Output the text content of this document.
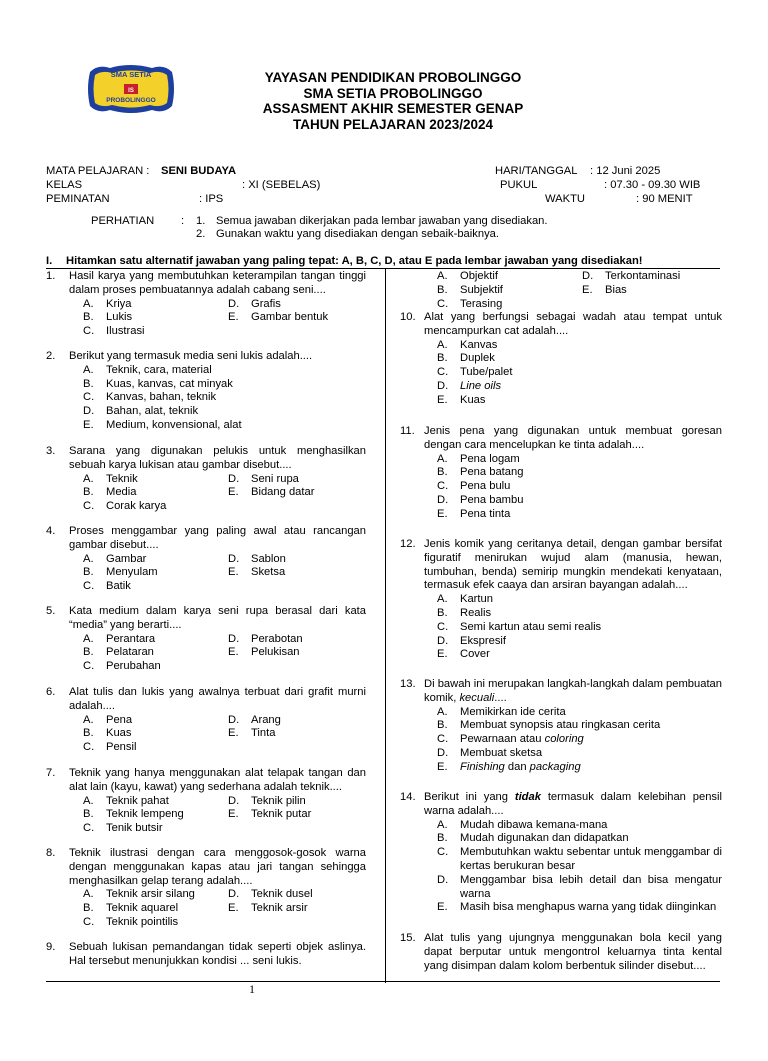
IS
SMA SETIA
PROBOLINGGO
YAYASAN PENDIDIKAN PROBOLINGGO
SMA SETIA PROBOLINGGO
ASSASMENT AKHIR SEMESTER GENAP
TAHUN PELAJARAN 2023/2024
MATA PELAJARAN : SENI BUDAYA
KELAS	: XI (SEBELAS)
PEMINATAN	: IPS
HARI/TANGGAL : 12 Juni 2025
PUKUL	: 07.30 - 09.30 WIB
WAKTU	: 90 MENIT
PERHATIAN : 1. Semua jawaban dikerjakan pada lembar jawaban yang disediakan.
2. Gunakan waktu yang disediakan dengan sebaik-baiknya.
I. Hitamkan satu alternatif jawaban yang paling tepat: A, B, C, D, atau E pada lembar jawaban yang disediakan!
1
1. Hasil karya yang membutuhkan keterampilan tangan tinggi dalam proses pembuatannya adalah cabang seni....
A. Kriya	D. Grafis
B. Lukis	E. Gambar bentuk
C. Ilustrasi
2. Berikut yang termasuk media seni lukis adalah....
A. Teknik, cara, material
B. Kuas, kanvas, cat minyak
C. Kanvas, bahan, teknik
D. Bahan, alat, teknik
E. Medium, konvensional, alat
3. Sarana yang digunakan pelukis untuk menghasilkan sebuah karya lukisan atau gambar disebut....
A. Teknik	D. Seni rupa
B. Media	E. Bidang datar
C. Corak karya
4. Proses menggambar yang paling awal atau rancangan gambar disebut....
A. Gambar	D. Sablon
B. Menyulam	E. Sketsa
C. Batik
5. Kata medium dalam karya seni rupa berasal dari kata “media” yang berarti....
A. Perantara	D. Perabotan
B. Pelataran	E. Pelukisan
C. Perubahan
6. Alat tulis dan lukis yang awalnya terbuat dari grafit murni adalah....
A. Pena	D. Arang
B. Kuas	E. Tinta
C. Pensil
7. Teknik yang hanya menggunakan alat telapak tangan dan alat lain (kayu, kawat) yang sederhana adalah teknik....
A. Teknik pahat	D. Teknik pilin
B. Teknik lempeng	E. Teknik putar
C. Tenik butsir
8. Teknik ilustrasi dengan cara menggosok-gosok warna dengan menggunakan kapas atau jari tangan sehingga menghasilkan gelap terang adalah....
A. Teknik arsir silang	D. Teknik dusel
B. Teknik aquarel	E. Teknik arsir
C. Teknik pointilis
9. Sebuah lukisan pemandangan tidak seperti objek aslinya. Hal tersebut menunjukkan kondisi ... seni lukis.
A. Objektif	D. Terkontaminasi
B. Subjektif	E. Bias
C. Terasing
10. Alat yang berfungsi sebagai wadah atau tempat untuk mencampurkan cat adalah....
A. Kanvas
B. Duplek
C. Tube/palet
D. Line oils
E. Kuas
11. Jenis pena yang digunakan untuk membuat goresan dengan cara mencelupkan ke tinta adalah....
A. Pena logam
B. Pena batang
C. Pena bulu
D. Pena bambu
E. Pena tinta
12. Jenis komik yang ceritanya detail, dengan gambar bersifat figuratif menirukan wujud alam (manusia, hewan, tumbuhan, benda) semirip mungkin mendekati kenyataan, termasuk efek caaya dan arsiran bayangan adalah....
A. Kartun
B. Realis
C. Semi kartun atau semi realis
D. Ekspresif
E. Cover
13. Di bawah ini merupakan langkah-langkah dalam pembuatan komik, kecuali....
A. Memikirkan ide cerita
B. Membuat synopsis atau ringkasan cerita
C. Pewarnaan atau coloring
D. Membuat sketsa
E. Finishing dan packaging
14. Berikut ini yang tidak termasuk dalam kelebihan pensil warna adalah....
A. Mudah dibawa kemana-mana
B. Mudah digunakan dan didapatkan
C. Membutuhkan waktu sebentar untuk menggambar di kertas berukuran besar
D. Menggambar bisa lebih detail dan bisa mengatur warna
E. Masih bisa menghapus warna yang tidak diinginkan
15. Alat tulis yang ujungnya menggunakan bola kecil yang dapat berputar untuk mengontrol keluarnya tinta kental yang disimpan dalam kolom berbentuk silinder disebut....
